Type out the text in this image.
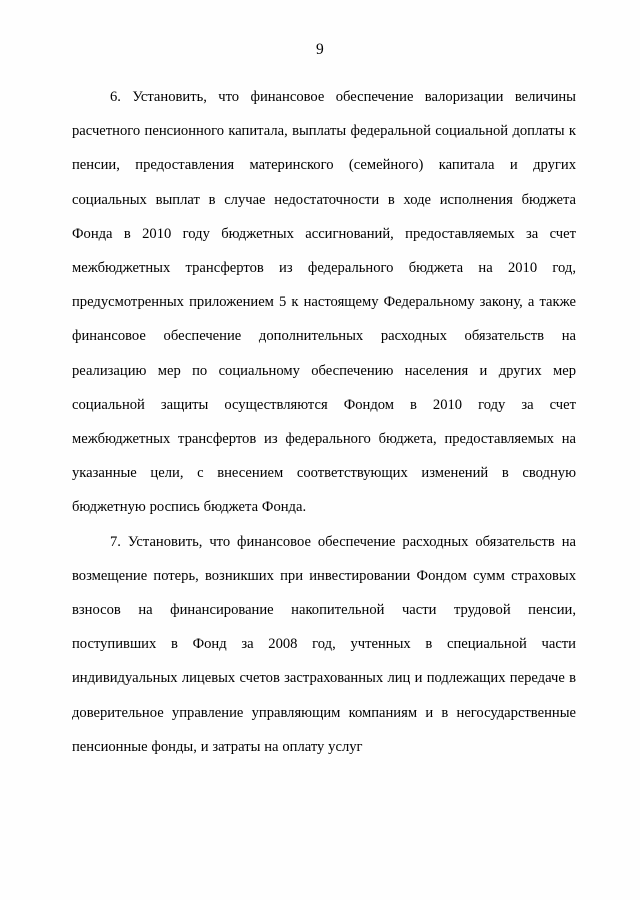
9

6. Установить, что финансовое обеспечение валоризации величины расчетного пенсионного капитала, выплаты федеральной социальной доплаты к пенсии, предоставления материнского (семейного) капитала и других социальных выплат в случае недостаточности в ходе исполнения бюджета Фонда в 2010 году бюджетных ассигнований, предоставляемых за счет межбюджетных трансфертов из федерального бюджета на 2010 год, предусмотренных приложением 5 к настоящему Федеральному закону, а также финансовое обеспечение дополнительных расходных обязательств на реализацию мер по социальному обеспечению населения и других мер социальной защиты осуществляются Фондом в 2010 году за счет межбюджетных трансфертов из федерального бюджета, предоставляемых на указанные цели, с внесением соответствующих изменений в сводную бюджетную роспись бюджета Фонда.

7. Установить, что финансовое обеспечение расходных обязательств на возмещение потерь, возникших при инвестировании Фондом сумм страховых взносов на финансирование накопительной части трудовой пенсии, поступивших в Фонд за 2008 год, учтенных в специальной части индивидуальных лицевых счетов застрахованных лиц и подлежащих передаче в доверительное управление управляющим компаниям и в негосударственные пенсионные фонды, и затраты на оплату услуг
